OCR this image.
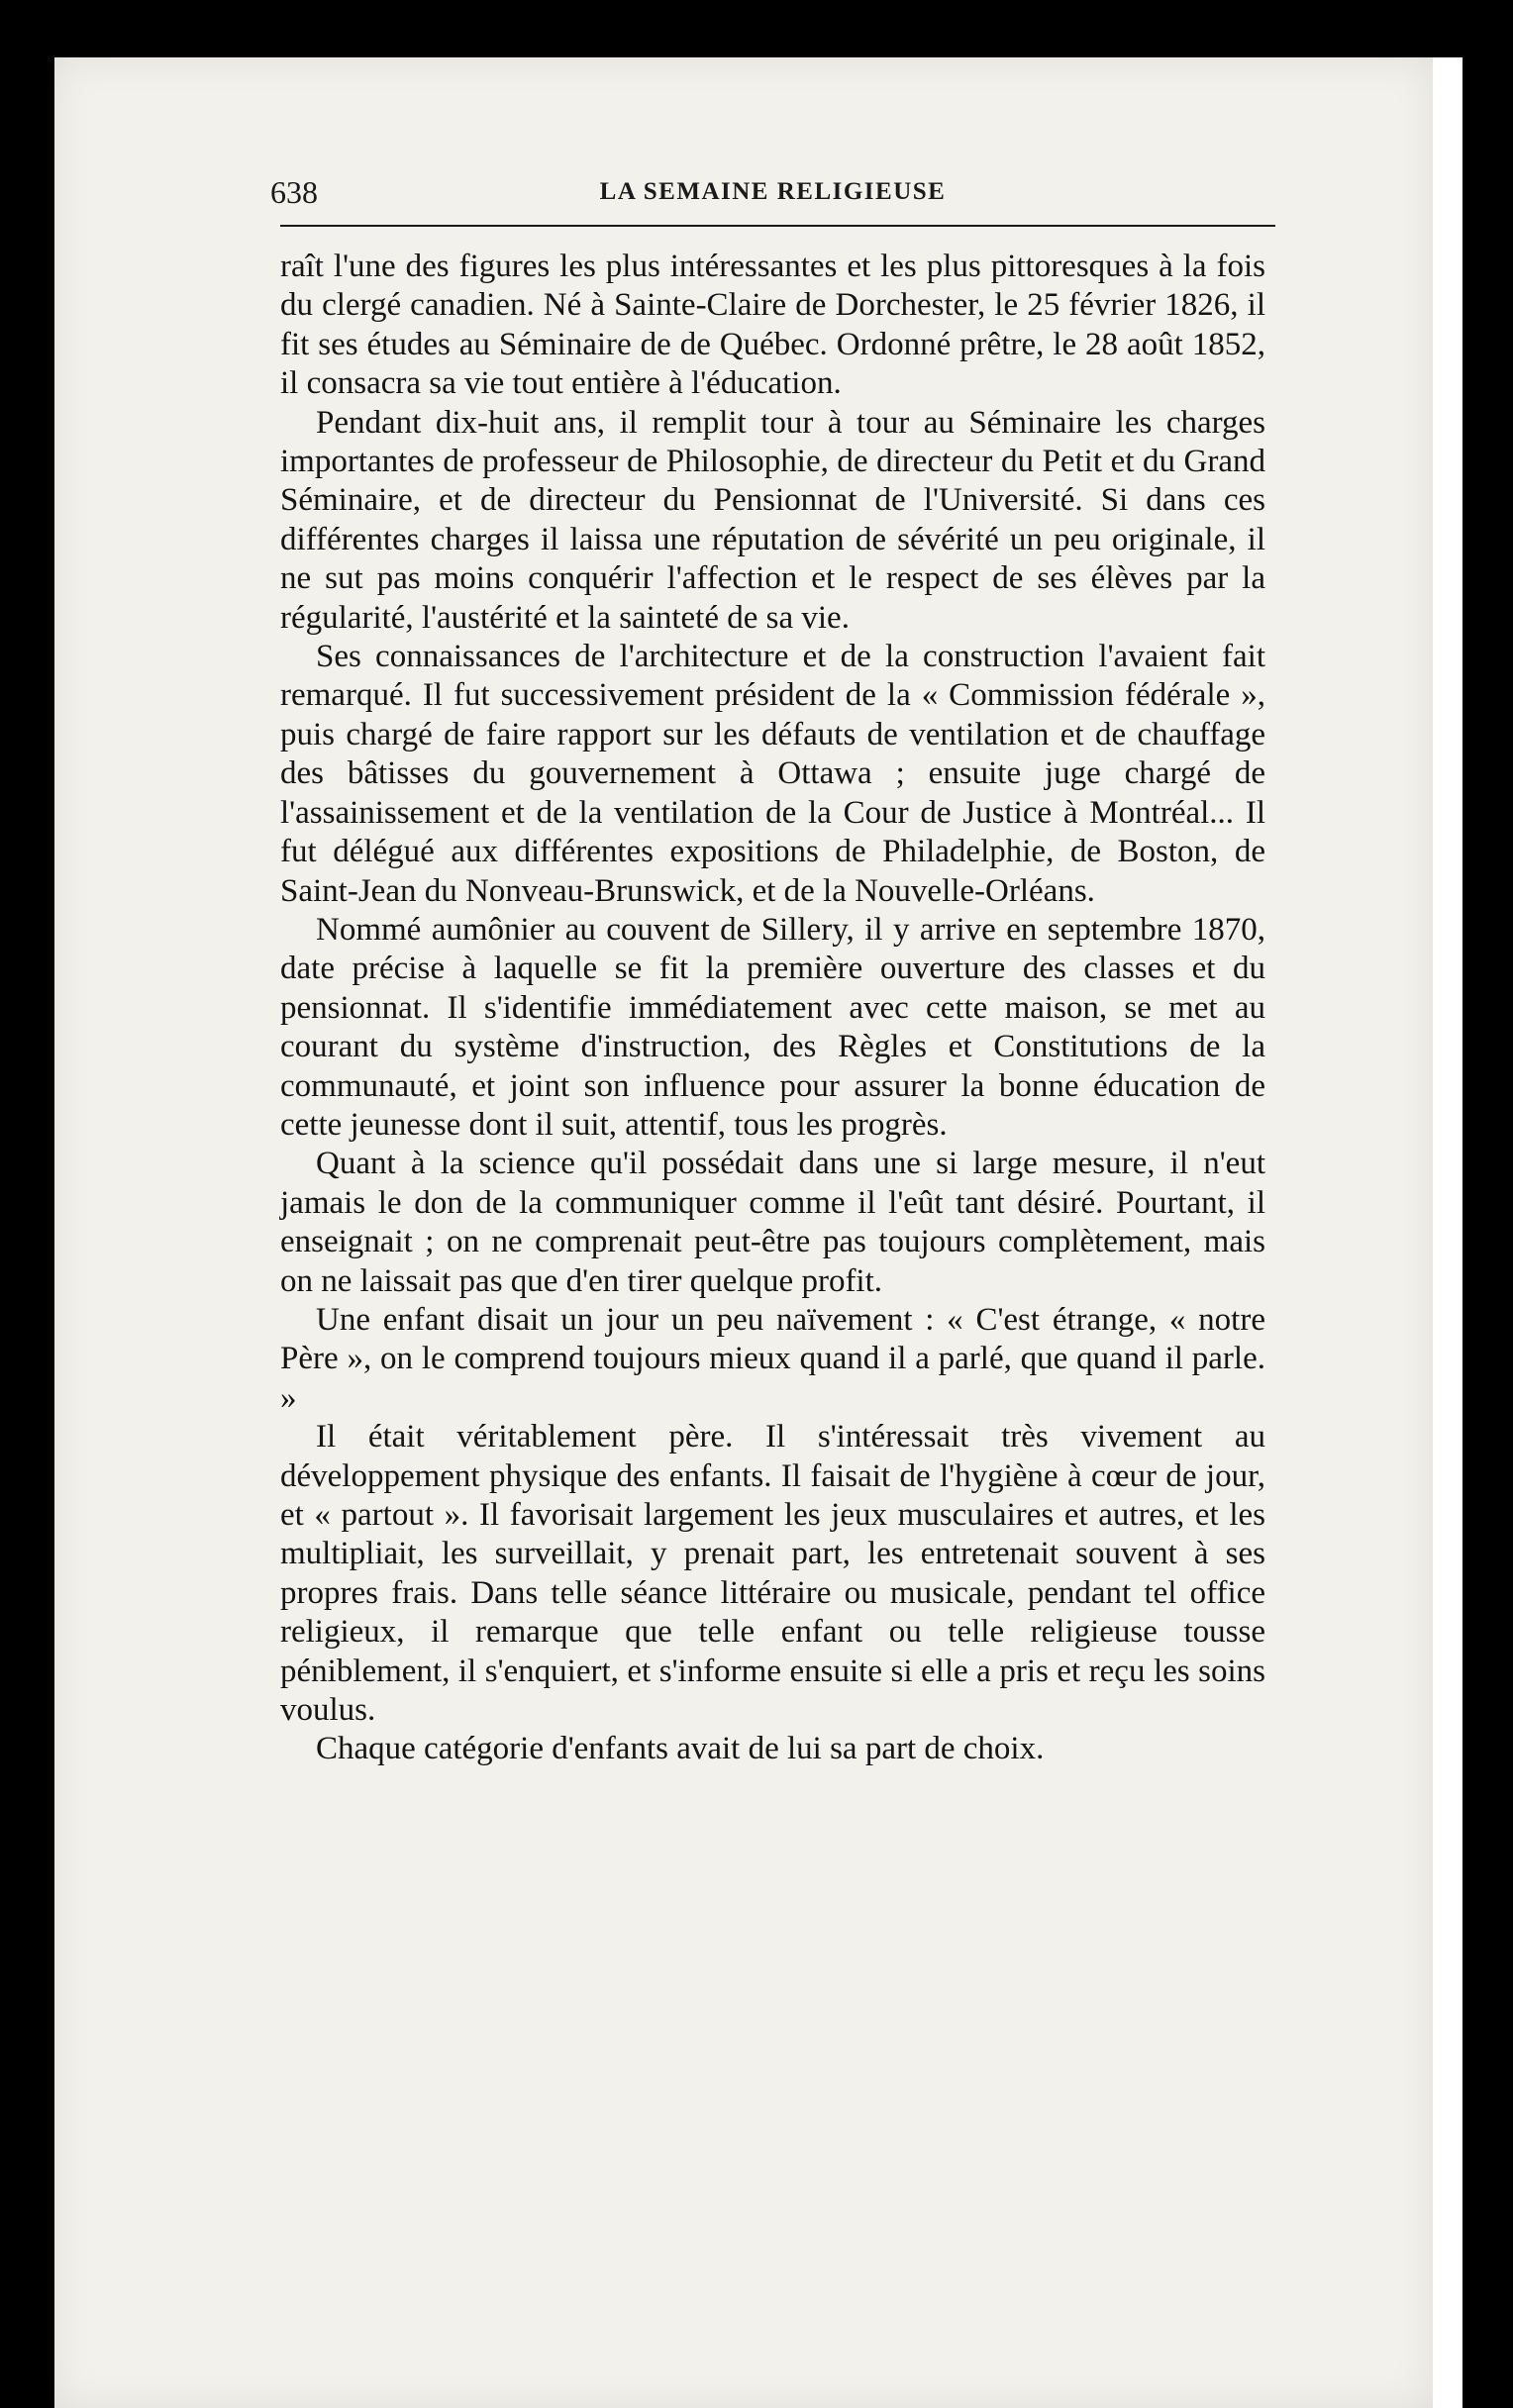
638	LA SEMAINE RELIGIEUSE

raît l'une des figures les plus intéressantes et les plus pittoresques à la fois du clergé canadien. Né à Sainte-Claire de Dorchester, le 25 février 1826, il fit ses études au Séminaire de de Québec. Ordonné prêtre, le 28 août 1852, il consacra sa vie tout entière à l'éducation.

Pendant dix-huit ans, il remplit tour à tour au Séminaire les charges importantes de professeur de Philosophie, de directeur du Petit et du Grand Séminaire, et de directeur du Pensionnat de l'Université. Si dans ces différentes charges il laissa une réputation de sévérité un peu originale, il ne sut pas moins conquérir l'affection et le respect de ses élèves par la régularité, l'austérité et la sainteté de sa vie.

Ses connaissances de l'architecture et de la construction l'avaient fait remarqué. Il fut successivement président de la « Commission fédérale », puis chargé de faire rapport sur les défauts de ventilation et de chauffage des bâtisses du gouvernement à Ottawa ; ensuite juge chargé de l'assainissement et de la ventilation de la Cour de Justice à Montréal... Il fut délégué aux différentes expositions de Philadelphie, de Boston, de Saint-Jean du Nonveau-Brunswick, et de la Nouvelle-Orléans.

Nommé aumônier au couvent de Sillery, il y arrive en septembre 1870, date précise à laquelle se fit la première ouverture des classes et du pensionnat. Il s'identifie immédiatement avec cette maison, se met au courant du système d'instruction, des Règles et Constitutions de la communauté, et joint son influence pour assurer la bonne éducation de cette jeunesse dont il suit, attentif, tous les progrès.

Quant à la science qu'il possédait dans une si large mesure, il n'eut jamais le don de la communiquer comme il l'eût tant désiré. Pourtant, il enseignait ; on ne comprenait peut-être pas toujours complètement, mais on ne laissait pas que d'en tirer quelque profit.

Une enfant disait un jour un peu naïvement : « C'est étrange, « notre Père », on le comprend toujours mieux quand il a parlé, que quand il parle. »

Il était véritablement père. Il s'intéressait très vivement au développement physique des enfants. Il faisait de l'hygiène à cœur de jour, et « partout ». Il favorisait largement les jeux musculaires et autres, et les multipliait, les surveillait, y prenait part, les entretenait souvent à ses propres frais. Dans telle séance littéraire ou musicale, pendant tel office religieux, il remarque que telle enfant ou telle religieuse tousse péniblement, il s'enquiert, et s'informe ensuite si elle a pris et reçu les soins voulus.

Chaque catégorie d'enfants avait de lui sa part de choix.
